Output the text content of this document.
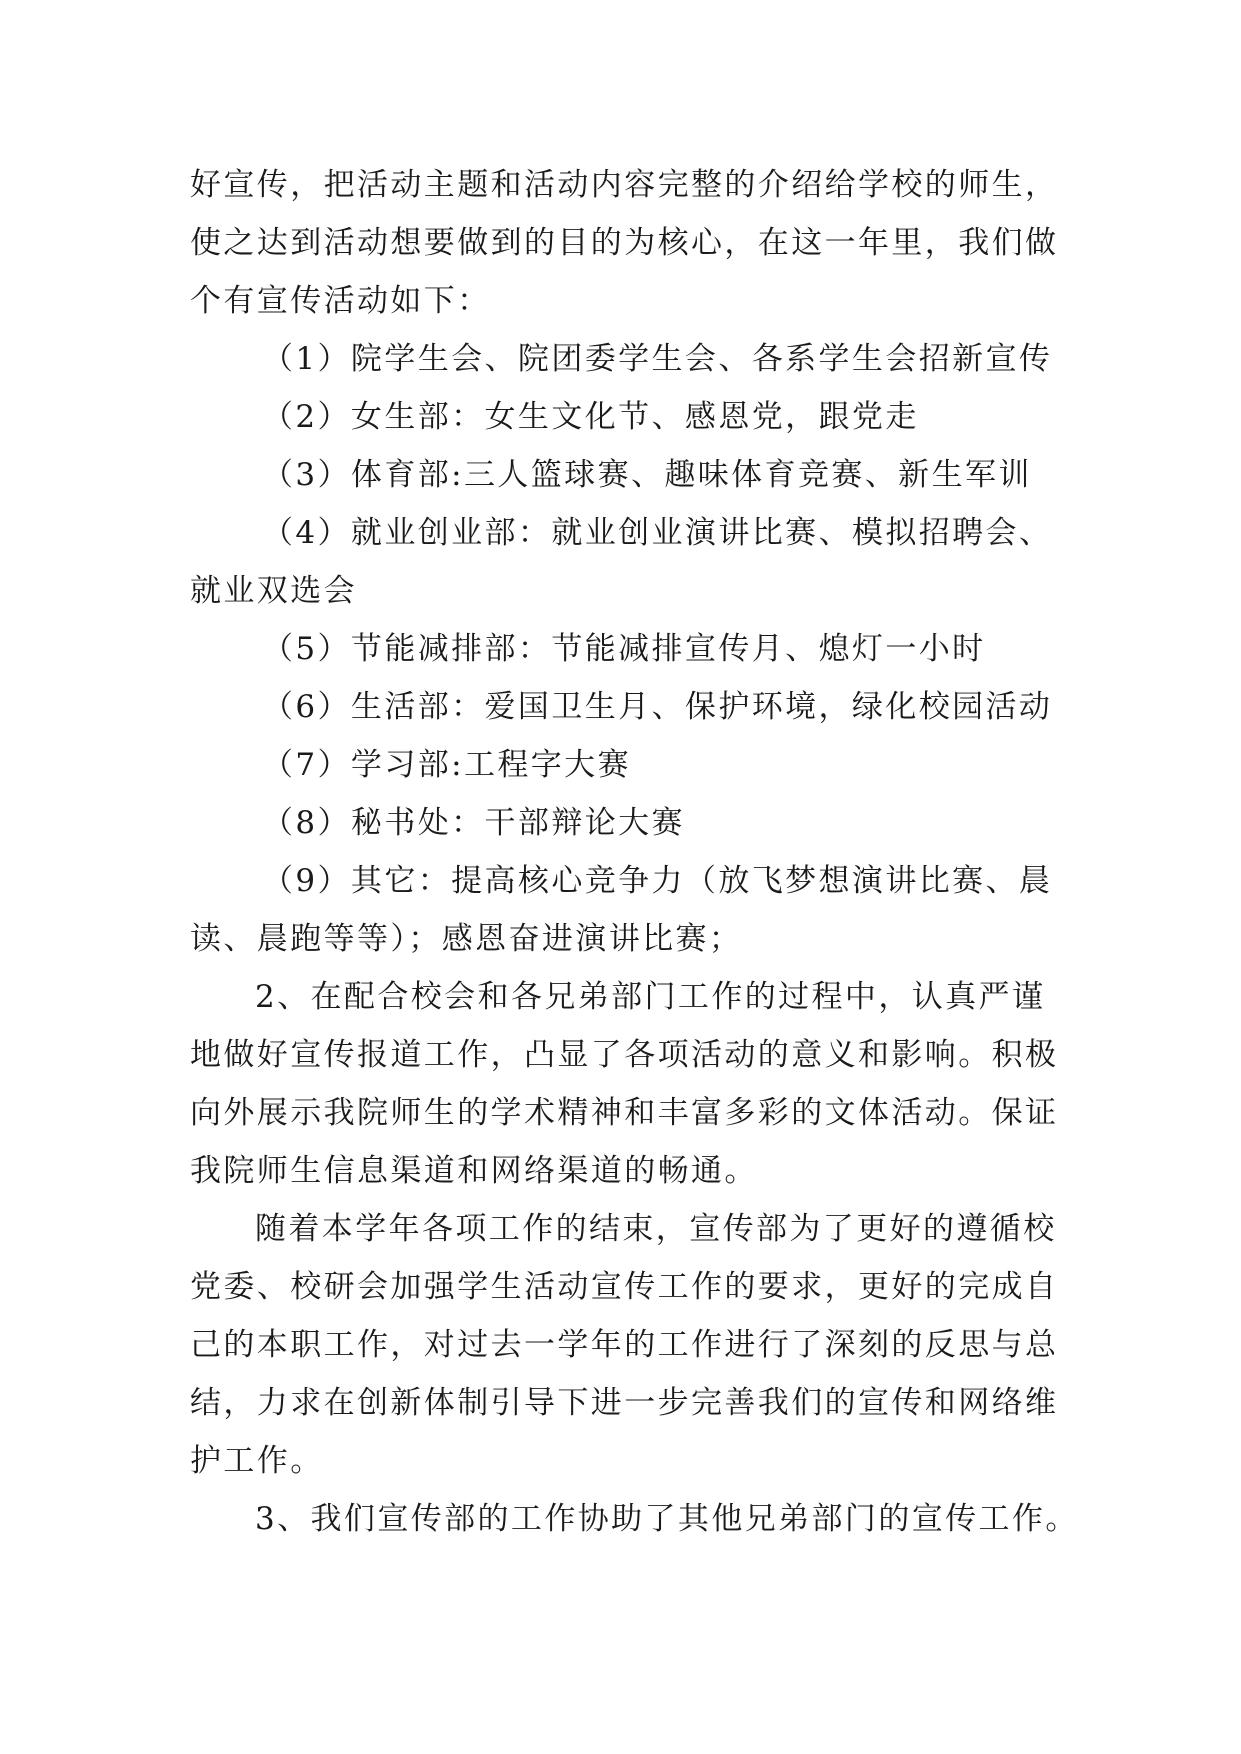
好宣传，把活动主题和活动内容完整的介绍给学校的师生，
使之达到活动想要做到的目的为核心，在这一年里，我们做
个有宣传活动如下：
（1）院学生会、院团委学生会、各系学生会招新宣传
（2）女生部：女生文化节、感恩党，跟党走
（3）体育部:三人篮球赛、趣味体育竞赛、新生军训
（4）就业创业部：就业创业演讲比赛、模拟招聘会、
就业双选会
（5）节能减排部：节能减排宣传月、熄灯一小时
（6）生活部：爱国卫生月、保护环境，绿化校园活动
（7）学习部:工程字大赛
（8）秘书处：干部辩论大赛
（9）其它：提高核心竞争力（放飞梦想演讲比赛、晨
读、晨跑等等）；感恩奋进演讲比赛；
2、在配合校会和各兄弟部门工作的过程中，认真严谨
地做好宣传报道工作，凸显了各项活动的意义和影响。积极
向外展示我院师生的学术精神和丰富多彩的文体活动。保证
我院师生信息渠道和网络渠道的畅通。
随着本学年各项工作的结束，宣传部为了更好的遵循校
党委、校研会加强学生活动宣传工作的要求，更好的完成自
己的本职工作，对过去一学年的工作进行了深刻的反思与总
结，力求在创新体制引导下进一步完善我们的宣传和网络维
护工作。
3、我们宣传部的工作协助了其他兄弟部门的宣传工作。
